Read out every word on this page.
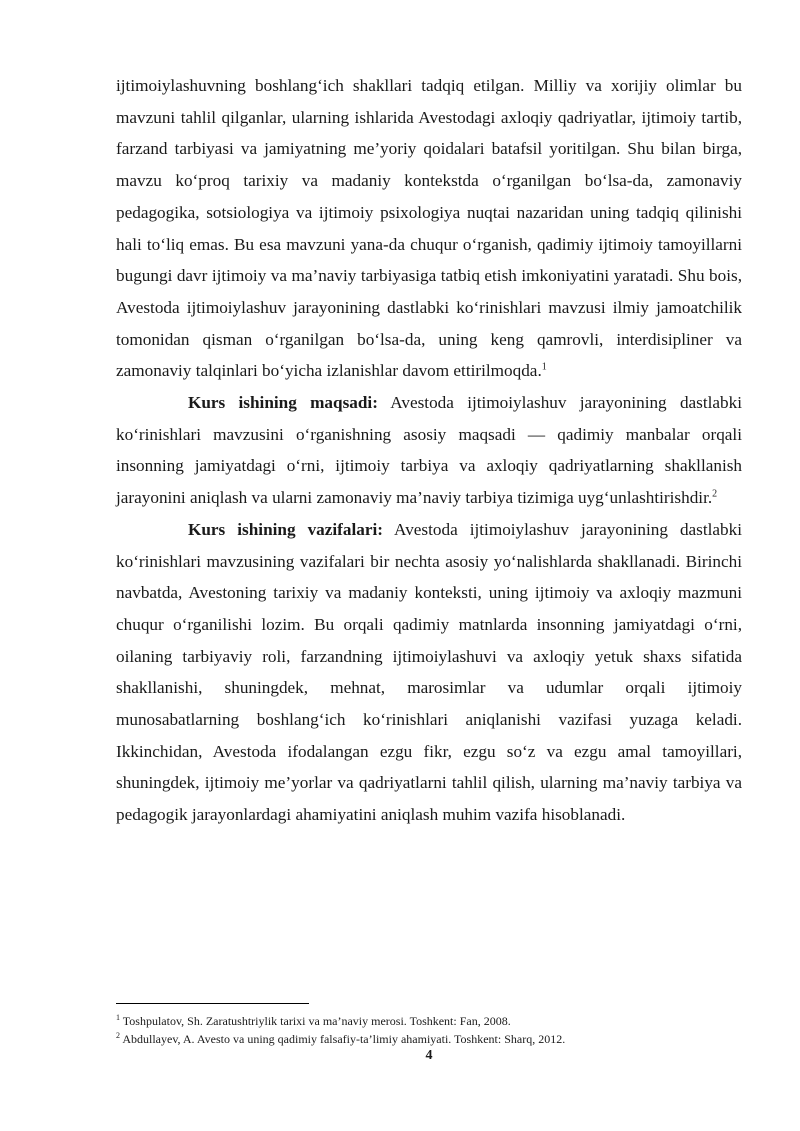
ijtimoiylashuvning boshlang‘ich shakllari tadqiq etilgan. Milliy va xorijiy olimlar bu mavzuni tahlil qilganlar, ularning ishlarida Avestodagi axloqiy qadriyatlar, ijtimoiy tartib, farzand tarbiyasi va jamiyatning me’yoriy qoidalari batafsil yoritilgan. Shu bilan birga, mavzu ko‘proq tarixiy va madaniy kontekstda o‘rganilgan bo‘lsa-da, zamonaviy pedagogika, sotsiologiya va ijtimoiy psixologiya nuqtai nazaridan uning tadqiq qilinishi hali to‘liq emas. Bu esa mavzuni yana-da chuqur o‘rganish, qadimiy ijtimoiy tamoyillarni bugungi davr ijtimoiy va ma’naviy tarbiyasiga tatbiq etish imkoniyatini yaratadi. Shu bois, Avestoda ijtimoiylashuv jarayonining dastlabki ko‘rinishlari mavzusi ilmiy jamoatchilik tomonidan qisman o‘rganilgan bo‘lsa-da, uning keng qamrovli, interdisipliner va zamonaviy talqinlari bo‘yicha izlanishlar davom ettirilmoqda.$^1$

Kurs ishining maqsadi: Avestoda ijtimoiylashuv jarayonining dastlabki ko‘rinishlari mavzusini o‘rganishning asosiy maqsadi — qadimiy manbalar orqali insonning jamiyatdagi o‘rni, ijtimoiy tarbiya va axloqiy qadriyatlarning shakllanish jarayonini aniqlash va ularni zamonaviy ma’naviy tarbiya tizimiga uyg‘unlashtirishdir.$^2$

Kurs ishining vazifalari: Avestoda ijtimoiylashuv jarayonining dastlabki ko‘rinishlari mavzusining vazifalari bir nechta asosiy yo‘nalishlarda shakllanadi. Birinchi navbatda, Avestoning tarixiy va madaniy konteksti, uning ijtimoiy va axloqiy mazmuni chuqur o‘rganilishi lozim. Bu orqali qadimiy matnlarda insonning jamiyatdagi o‘rni, oilaning tarbiyaviy roli, farzandning ijtimoiylashuvi va axloqiy yetuk shaxs sifatida shakllanishi, shuningdek, mehnat, marosimlar va udumlar orqali ijtimoiy munosabatlarning boshlang‘ich ko‘rinishlari aniqlanishi vazifasi yuzaga keladi. Ikkinchidan, Avestoda ifodalangan ezgu fikr, ezgu so‘z va ezgu amal tamoyillari, shuningdek, ijtimoiy me’yorlar va qadriyatlarni tahlil qilish, ularning ma’naviy tarbiya va pedagogik jarayonlardagi ahamiyatini aniqlash muhim vazifa hisoblanadi.

$^1$ Toshpulatov, Sh. Zaratushtriylik tarixi va ma’naviy merosi. Toshkent: Fan, 2008.

$^2$ Abdullayev, A. Avesto va uning qadimiy falsafiy-ta’limiy ahamiyati. Toshkent: Sharq, 2012.

4
